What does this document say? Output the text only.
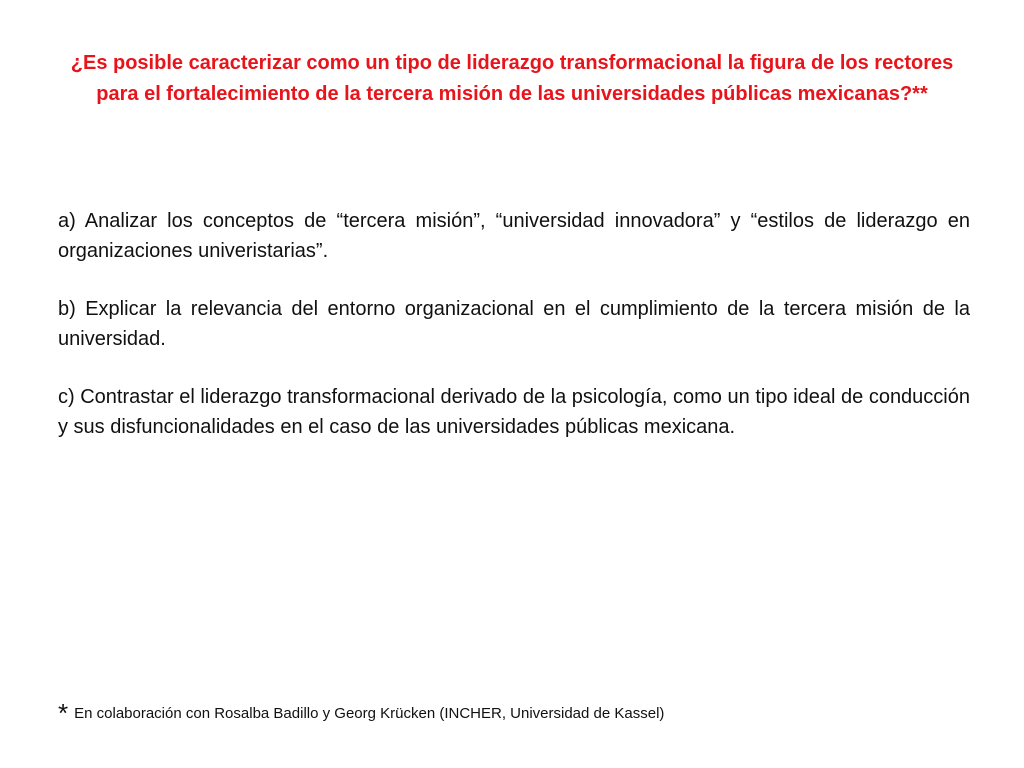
¿Es posible caracterizar como un tipo de liderazgo transformacional la figura de los rectores para el fortalecimiento de la tercera misión de las universidades públicas mexicanas?**

a) Analizar los conceptos de “tercera misión”, “universidad innovadora” y “estilos de liderazgo en organizaciones univeristarias”.

b) Explicar la relevancia del entorno organizacional en el cumplimiento de la tercera misión de la universidad.

c) Contrastar el liderazgo transformacional derivado de la psicología, como un tipo ideal de conducción y sus disfuncionalidades en el caso de las universidades públicas mexicana.

* En colaboración con Rosalba Badillo y Georg Krücken (INCHER, Universidad de Kassel)
